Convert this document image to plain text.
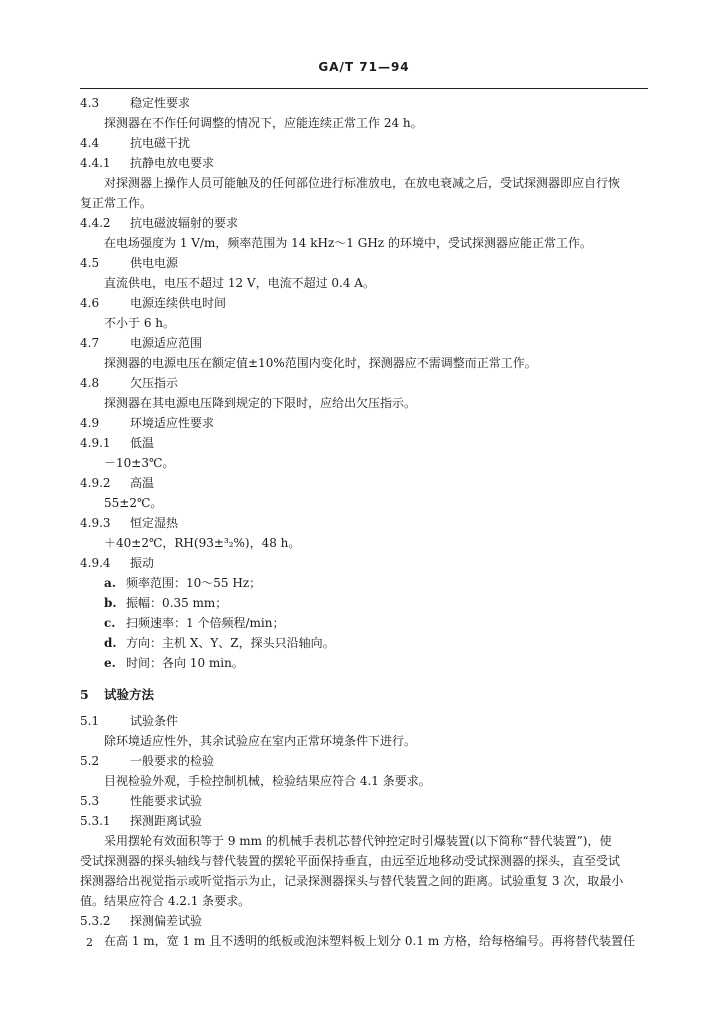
GA/T 71—94
4.3	稳定性要求
探测器在不作任何调整的情况下，应能连续正常工作 24 h。
4.4	抗电磁干扰
4.4.1 抗静电放电要求
对探测器上操作人员可能触及的任何部位进行标准放电，在放电衰减之后，受试探测器即应自行恢
复正常工作。
4.4.2 抗电磁波辐射的要求
在电场强度为 1 V/m，频率范围为 14 kHz～1 GHz 的环境中，受试探测器应能正常工作。
4.5	供电电源
直流供电，电压不超过 12 V，电流不超过 0.4 A。
4.6	电源连续供电时间
不小于 6 h。
4.7	电源适应范围
探测器的电源电压在额定值±10%范围内变化时，探测器应不需调整而正常工作。
4.8	欠压指示
探测器在其电源电压降到规定的下限时，应给出欠压指示。
4.9	环境适应性要求
4.9.1 低温
－10±3℃。
4.9.2 高温
55±2℃。
4.9.3 恒定湿热
＋40±2℃，RH(93±³₂%)，48 h。
4.9.4 振动
a. 频率范围：10～55 Hz；
b. 振幅：0.35 mm；
c. 扫频速率：1 个倍频程/min；
d. 方向：主机 X、Y、Z，探头只沿轴向。
e. 时间：各向 10 min。
5 试验方法
5.1	试验条件
除环境适应性外，其余试验应在室内正常环境条件下进行。
5.2	一般要求的检验
目视检验外观，手检控制机械，检验结果应符合 4.1 条要求。
5.3	性能要求试验
5.3.1 探测距离试验
采用摆轮有效面积等于 9 mm 的机械手表机芯替代钟控定时引爆装置(以下简称“替代装置”)，使
受试探测器的探头轴线与替代装置的摆轮平面保持垂直，由远至近地移动受试探测器的探头，直至受试
探测器给出视觉指示或听觉指示为止，记录探测器探头与替代装置之间的距离。试验重复 3 次，取最小
值。结果应符合 4.2.1 条要求。
5.3.2 探测偏差试验
在高 1 m，宽 1 m 且不透明的纸板或泡沫塑料板上划分 0.1 m 方格，给每格编号。再将替代装置任
2
